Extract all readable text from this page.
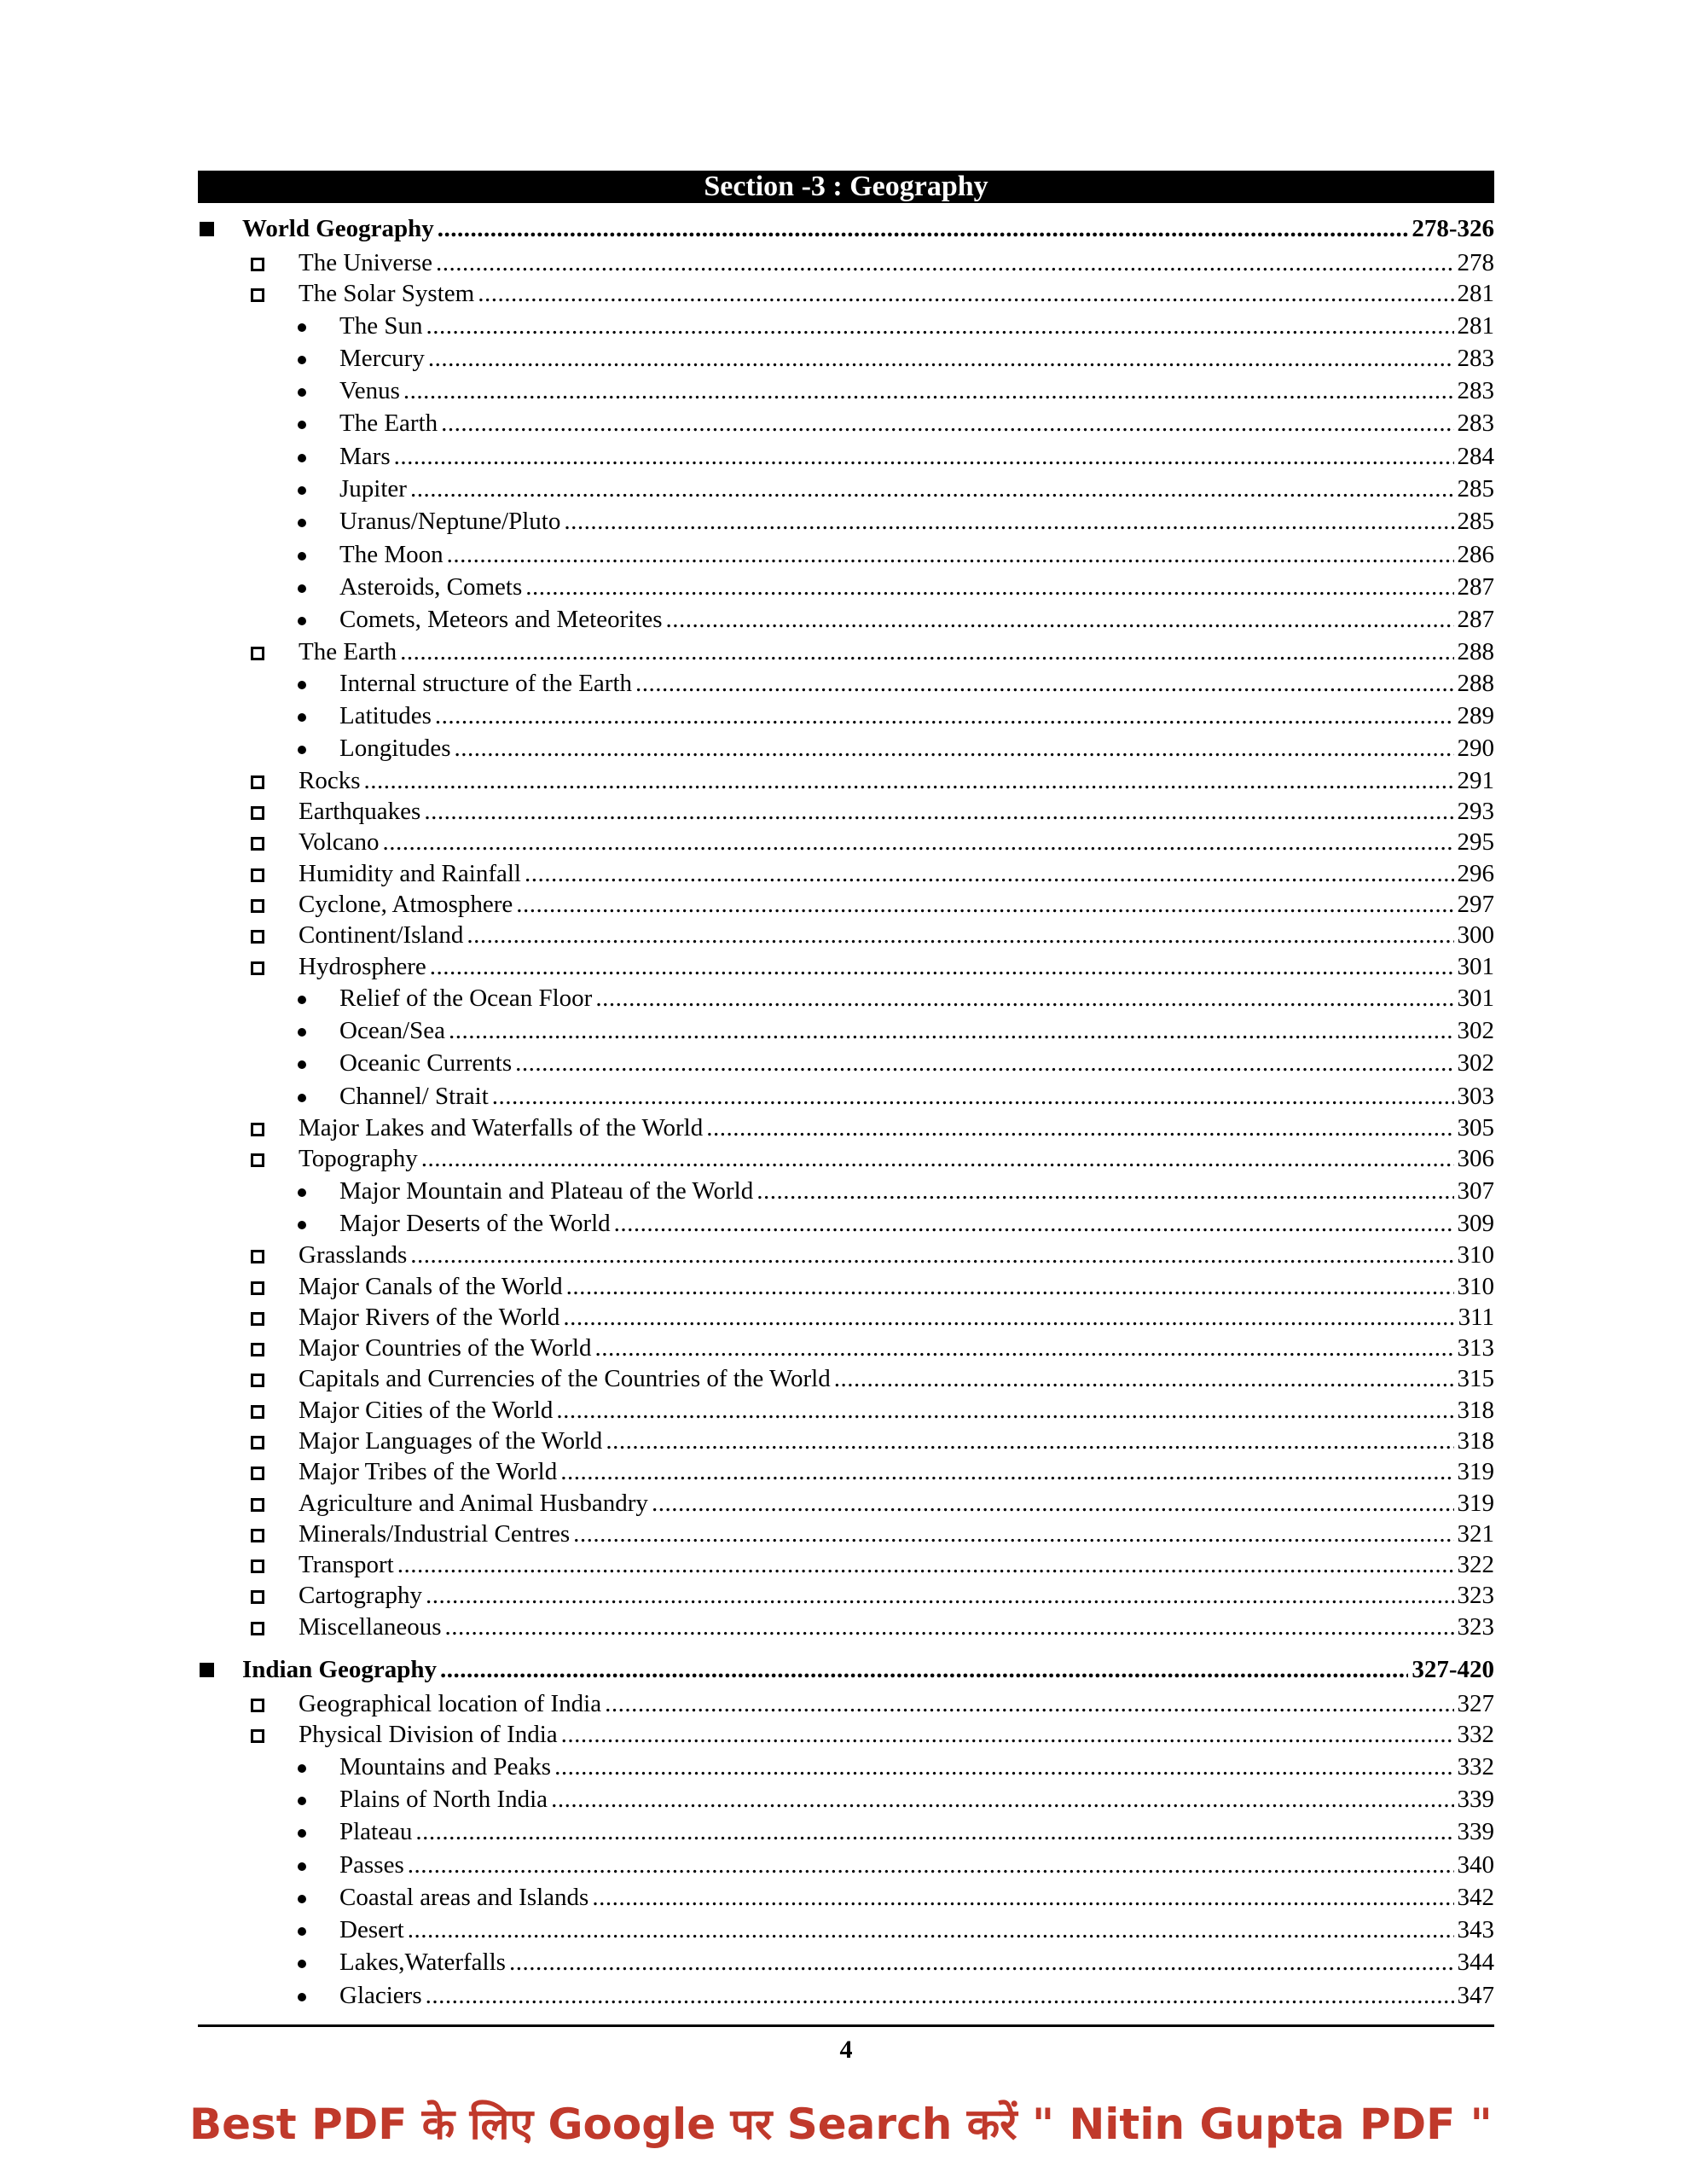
Section -3 : Geography
World Geography .....	278-326
The Universe .....	278
The Solar System .....	281
The Sun .....	281
Mercury .....	283
Venus .....	283
The Earth .....	283
Mars .....	284
Jupiter .....	285
Uranus/Neptune/Pluto .....	285
The Moon .....	286
Asteroids, Comets .....	287
Comets, Meteors and Meteorites .....	287
The Earth .....	288
Internal structure of the Earth .....	288
Latitudes .....	289
Longitudes .....	290
Rocks .....	291
Earthquakes .....	293
Volcano .....	295
Humidity and Rainfall .....	296
Cyclone, Atmosphere .....	297
Continent/Island .....	300
Hydrosphere .....	301
Relief of the Ocean Floor .....	301
Ocean/Sea .....	302
Oceanic Currents .....	302
Channel/ Strait .....	303
Major Lakes and Waterfalls of the World .....	305
Topography .....	306
Major Mountain and Plateau of the World .....	307
Major Deserts of the World .....	309
Grasslands .....	310
Major Canals of the World .....	310
Major Rivers of the World .....	311
Major Countries of the World .....	313
Capitals and Currencies of the Countries of the World .....	315
Major Cities of the World .....	318
Major Languages of the World .....	318
Major Tribes of the World .....	319
Agriculture and Animal Husbandry .....	319
Minerals/Industrial Centres .....	321
Transport .....	322
Cartography .....	323
Miscellaneous .....	323
Indian Geography .....	327-420
Geographical location of India .....	327
Physical Division of India .....	332
Mountains and Peaks .....	332
Plains of North India .....	339
Plateau .....	339
Passes .....	340
Coastal areas and Islands .....	342
Desert .....	343
Lakes,Waterfalls .....	344
Glaciers .....	347
4
Best PDF के लिए Google पर Search करें " Nitin Gupta PDF "
